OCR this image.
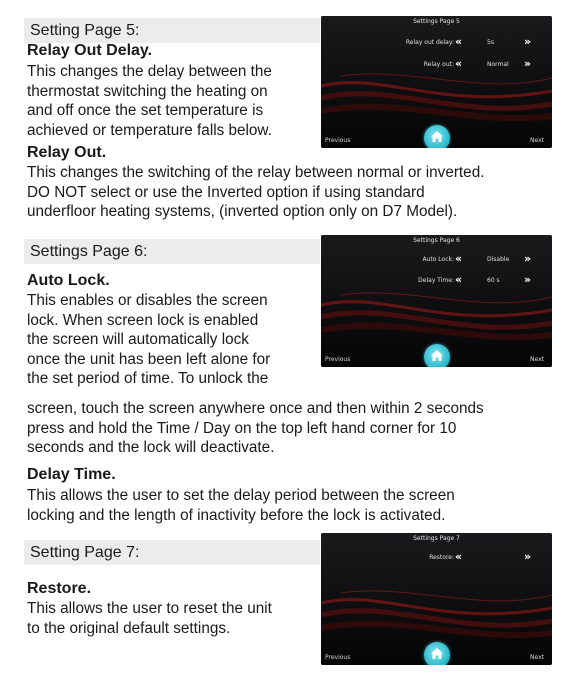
Setting Page 5:
Relay Out Delay.
This changes the delay between the
thermostat switching the heating on
and off once the set temperature is
achieved or temperature falls below.
Relay Out.
This changes the switching of the relay between normal or inverted.
DO NOT select or use the Inverted option if using standard
underfloor heating systems, (inverted option only on D7 Model).
Settings Page 5
Relay out delay: ‹‹	5s	››
Relay out: ‹‹	Normal ››
Previous	Next
Settings Page 6:
Auto Lock.
This enables or disables the screen
lock. When screen lock is enabled
the screen will automatically lock
once the unit has been left alone for
the set period of time. To unlock the
screen, touch the screen anywhere once and then within 2 seconds
press and hold the Time / Day on the top left hand corner for 10
seconds and the lock will deactivate.
Delay Time.
This allows the user to set the delay period between the screen
locking and the length of inactivity before the lock is activated.
Settings Page 6
Auto Lock: ‹‹	Disable ››
Delay Time: ‹‹	60 s ››
Previous	Next
Setting Page 7:
Restore.
This allows the user to reset the unit
to the original default settings.
Settings Page 7
Restore: ‹‹	››
Previous	Next
